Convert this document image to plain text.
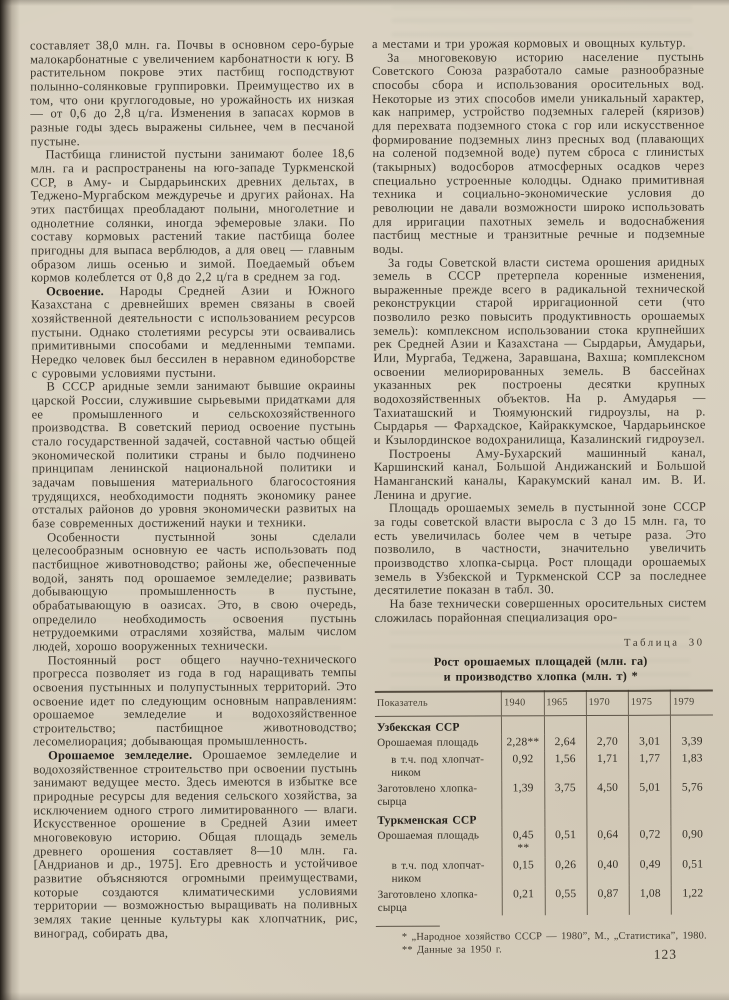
составляет 38,0 млн. га. Почвы в основном серо-бурые малокарбонатные с увеличением карбонатности к югу. В растительном покрове этих пастбищ господствуют полынно-солянковые группировки. Преимущество их в том, что они круглогодовые, но урожайность их низкая — от 0,6 до 2,8 ц/га. Изменения в запасах кормов в разные годы здесь выражены сильнее, чем в песчаной пустыне.

Пастбища глинистой пустыни занимают более 18,6 млн. га и распространены на юго-западе Туркменской ССР, в Аму- и Сырдарьинских древних дельтах, в Теджено-Мургабском междуречье и других районах. На этих пастбищах преобладают полыни, многолетние и однолетние солянки, иногда эфемеровые злаки. По составу кормовых растений такие пастбища более пригодны для выпаса верблюдов, а для овец — главным образом лишь осенью и зимой. Поедаемый объем кормов колеблется от 0,8 до 2,2 ц/га в среднем за год.

Освоение. Народы Средней Азии и Южного Казахстана с древнейших времен связаны в своей хозяйственной деятельности с использованием ресурсов пустыни. Однако столетиями ресурсы эти осваивались примитивными способами и медленными темпами. Нередко человек был бессилен в неравном единоборстве с суровыми условиями пустыни.

В СССР аридные земли занимают бывшие окраины царской России, служившие сырьевыми придатками для ее промышленного и сельскохозяйственного производства. В советский период освоение пустынь стало государственной задачей, составной частью общей экономической политики страны и было подчинено принципам ленинской национальной политики и задачам повышения материального благосостояния трудящихся, необходимости поднять экономику ранее отсталых районов до уровня экономически развитых на базе современных достижений науки и техники.

Особенности пустынной зоны сделали целесообразным основную ее часть использовать под пастбищное животноводство; районы же, обеспеченные водой, занять под орошаемое земледелие; развивать добывающую промышленность в пустыне, обрабатывающую в оазисах. Это, в свою очередь, определило необходимость освоения пустынь нетрудоемкими отраслями хозяйства, малым числом людей, хорошо вооруженных технически.

Постоянный рост общего научно-технического прогресса позволяет из года в год наращивать темпы освоения пустынных и полупустынных территорий. Это освоение идет по следующим основным направлениям: орошаемое земледелие и водохозяйственное строительство; пастбищное животноводство; лесомелиорация; добывающая промышленность.

Орошаемое земледелие. Орошаемое земледелие и водохозяйственное строительство при освоении пустынь занимают ведущее место. Здесь имеются в избытке все природные ресурсы для ведения сельского хозяйства, за исключением одного строго лимитированного — влаги. Искусственное орошение в Средней Азии имеет многовековую историю. Общая площадь земель древнего орошения составляет 8—10 млн. га. [Андрианов и др., 1975]. Его древность и устойчивое развитие объясняются огромными преимуществами, которые создаются климатическими условиями территории — возможностью выращивать на поливных землях такие ценные культуры как хлопчатник, рис, виноград, собирать два,

а местами и три урожая кормовых и овощных культур.

За многовековую историю население пустынь Советского Союза разработало самые разнообразные способы сбора и использования оросительных вод. Некоторые из этих способов имели уникальный характер, как например, устройство подземных галерей (кяризов) для перехвата подземного стока с гор или искусственное формирование подземных линз пресных вод (плавающих на соленой подземной воде) путем сброса с глинистых (такырных) водосборов атмосферных осадков через специально устроенные колодцы. Однако примитивная техника и социально-экономические условия до революции не давали возможности широко использовать для ирригации пахотных земель и водоснабжения пастбищ местные и транзитные речные и подземные воды.

За годы Советской власти система орошения аридных земель в СССР претерпела коренные изменения, выраженные прежде всего в радикальной технической реконструкции старой ирригационной сети (что позволило резко повысить продуктивность орошаемых земель): комплексном использовании стока крупнейших рек Средней Азии и Казахстана — Сырдарьи, Амударьи, Или, Мургаба, Теджена, Заравшана, Вахша; комплексном освоении мелиорированных земель. В бассейнах указанных рек построены десятки крупных водохозяйственных объектов. На р. Амударья — Тахиаташский и Тюямуюнский гидроузлы, на р. Сырдарья — Фархадское, Кайраккумское, Чардарьинское и Кзылординское водохранилища, Казалинский гидроузел.

Построены Аму-Бухарский машинный канал, Каршинский канал, Большой Андижанский и Большой Наманганский каналы, Каракумский канал им. В. И. Ленина и другие.

Площадь орошаемых земель в пустынной зоне СССР за годы советской власти выросла с 3 до 15 млн. га, то есть увеличилась более чем в четыре раза. Это позволило, в частности, значительно увеличить производство хлопка-сырца. Рост площади орошаемых земель в Узбекской и Туркменской ССР за последнее десятилетие показан в табл. 30.

На базе технически совершенных оросительных систем сложилась порайонная специализация оро-

Таблица 30
Рост орошаемых площадей (млн. га)
и производство хлопка (млн. т) *
Показатель	1940	1965	1970	1975	1979
Узбекская ССР					
Орошаемая площадь	2,28**	2,64	2,70	3,01	3,39
в т.ч. под хлопчат-
ником	0,92	1,56	1,71	1,77	1,83
Заготовлено хлопка-
сырца	1,39	3,75	4,50	5,01	5,76
Туркменская ССР					
Орошаемая площадь	0,45 **	0,51	0,64	0,72	0,90
в т.ч. под хлопчат-
ником	0,15	0,26	0,40	0,49	0,51
Заготовлено хлопка-
сырца	0,21	0,55	0,87	1,08	1,22

* „Народное хозяйство СССР — 1980”, М., „Статистика”, 1980.

** Данные за 1950 г.	123
